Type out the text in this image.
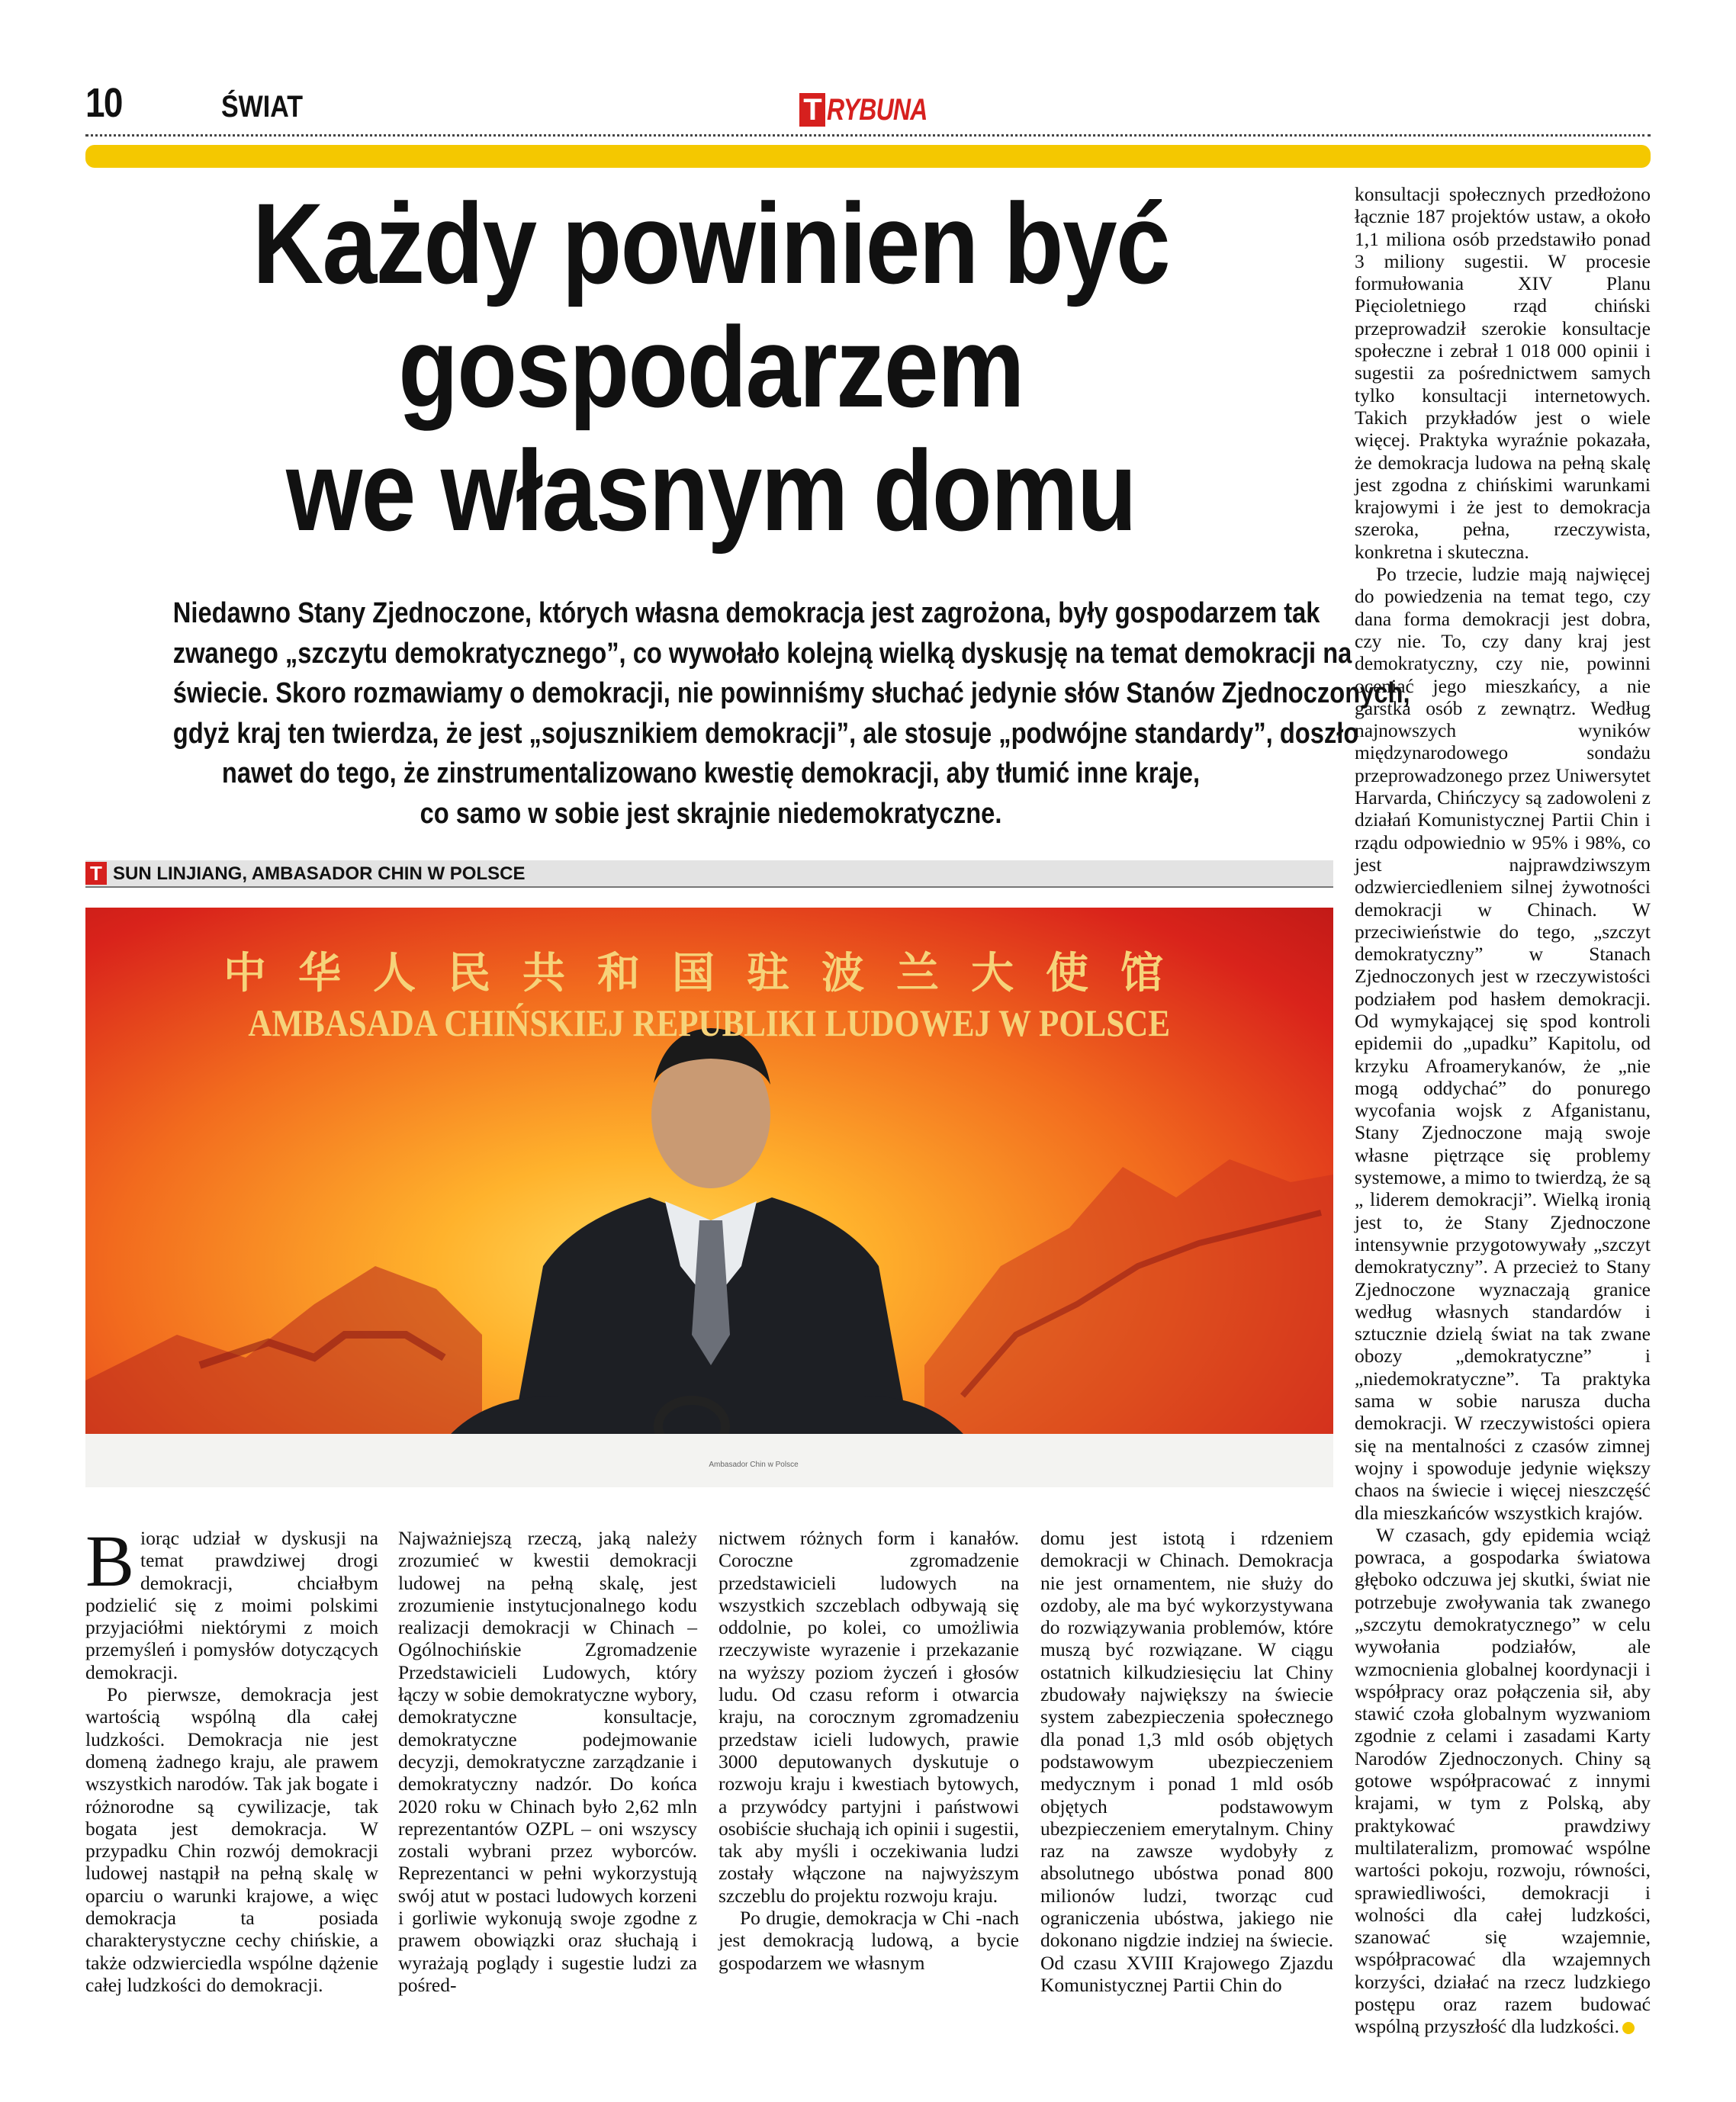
10	ŚWIAT	T RYBUNA
Każdy powinien być
gospodarzem
we własnym domu
Niedawno Stany Zjednoczone, których własna demokracja jest zagrożona, były gospodarzem tak
zwanego „szczytu demokratycznego”, co wywołało kolejną wielką dyskusję na temat demokracji na
świecie. Skoro rozmawiamy o demokracji, nie powinniśmy słuchać jedynie słów Stanów Zjednoczonych,
gdyż kraj ten twierdza, że jest „sojusznikiem demokracji”, ale stosuje „podwójne standardy”, doszło
nawet do tego, że zinstrumentalizowano kwestię demokracji, aby tłumić inne kraje,
co samo w sobie jest skrajnie niedemokratyczne.
T SUN LINJIANG, AMBASADOR CHIN W POLSCE
中华人民共和国驻波兰大使馆
AMBASADA CHIŃSKIEJ REPUBLIKI LUDOWEJ W POLSCE
Ambasador Chin w Polsce

Biorąc udział w dyskusji na temat prawdziwej drogi demokracji, chciałbym podzielić się z moimi polskimi przyjaciółmi niektórymi z moich przemyśleń i pomysłów dotyczących demokracji.

Po pierwsze, demokracja jest wartością wspólną dla całej ludzkości. Demokracja nie jest domeną żadnego kraju, ale prawem wszystkich narodów. Tak jak bogate i różnorodne są cywilizacje, tak bogata jest demokracja. W przypadku Chin rozwój demokracji ludowej nastąpił na pełną skalę w oparciu o warunki krajowe, a więc demokracja ta posiada charakterystyczne cechy chińskie, a także odzwierciedla wspólne dążenie całej ludzkości do demokracji.

Najważniejszą rzeczą, jaką należy zrozumieć w kwestii demokracji ludowej na pełną skalę, jest zrozumienie instytucjonalnego kodu realizacji demokracji w Chinach – Ogólnochińskie Zgromadzenie Przedstawicieli Ludowych, który łączy w sobie demokratyczne wybory, demokratyczne konsultacje, demokratyczne podejmowanie decyzji, demokratyczne zarządzanie i demokratyczny nadzór. Do końca 2020 roku w Chinach było 2,62 mln reprezentantów OZPL – oni wszyscy zostali wybrani przez wyborców. Reprezentanci w pełni wykorzystują swój atut w postaci ludowych korzeni i gorliwie wykonują swoje zgodne z prawem obowiązki oraz słuchają i wyrażają poglądy i sugestie ludzi za pośred-

nictwem różnych form i kanałów. Coroczne zgromadzenie przedstawicieli ludowych na wszystkich szczeblach odbywają się oddolnie, po kolei, co umożliwia rzeczywiste wyrazenie i przekazanie na wyższy poziom życzeń i głosów ludu. Od czasu reform i otwarcia kraju, na corocznym zgromadzeniu przedstaw icieli ludowych, prawie 3000 deputowanych dyskutuje o rozwoju kraju i kwestiach bytowych, a przywódcy partyjni i państwowi osobiście słuchają ich opinii i sugestii, tak aby myśli i oczekiwania ludzi zostały włączone na najwyższym szczeblu do projektu rozwoju kraju.

Po drugie, demokracja w Chi -nach jest demokracją ludową, a bycie gospodarzem we własnym

domu jest istotą i rdzeniem demokracji w Chinach. Demokracja nie jest ornamentem, nie służy do ozdoby, ale ma być wykorzystywana do rozwiązywania problemów, które muszą być rozwiązane. W ciągu ostatnich kilkudziesięciu lat Chiny zbudowały największy na świecie system zabezpieczenia społecznego dla ponad 1,3 mld osób objętych podstawowym ubezpieczeniem medycznym i ponad 1 mld osób objętych podstawowym ubezpieczeniem emerytalnym. Chiny raz na zawsze wydobyły z absolutnego ubóstwa ponad 800 milionów ludzi, tworząc cud ograniczenia ubóstwa, jakiego nie dokonano nigdzie indziej na świecie. Od czasu XVIII Krajowego Zjazdu Komunistycznej Partii Chin do

konsultacji społecznych przedłożono łącznie 187 projektów ustaw, a około 1,1 miliona osób przedstawiło ponad 3 miliony sugestii. W procesie formułowania XIV Planu Pięcioletniego rząd chiński przeprowadził szerokie konsultacje społeczne i zebrał 1 018 000 opinii i sugestii za pośrednictwem samych tylko konsultacji internetowych. Takich przykładów jest o wiele więcej. Praktyka wyraźnie pokazała, że demokracja ludowa na pełną skalę jest zgodna z chińskimi warunkami krajowymi i że jest to demokracja szeroka, pełna, rzeczywista, konkretna i skuteczna.

Po trzecie, ludzie mają najwięcej do powiedzenia na temat tego, czy dana forma demokracji jest dobra, czy nie. To, czy dany kraj jest demokratyczny, czy nie, powinni oceniać jego mieszkańcy, a nie garstka osób z zewnątrz. Według najnowszych wyników międzynarodowego sondażu przeprowadzonego przez Uniwersytet Harvarda, Chińczycy są zadowoleni z działań Komunistycznej Partii Chin i rządu odpowiednio w 95% i 98%, co jest najprawdziwszym odzwierciedleniem silnej żywotności demokracji w Chinach. W przeciwieństwie do tego, „szczyt demokratyczny” w Stanach Zjednoczonych jest w rzeczywistości podziałem pod hasłem demokracji. Od wymykającej się spod kontroli epidemii do „upadku” Kapitolu, od krzyku Afroamerykanów, że „nie mogą oddychać” do ponurego wycofania wojsk z Afganistanu, Stany Zjednoczone mają swoje własne piętrzące się problemy systemowe, a mimo to twierdzą, że są „ liderem demokracji”. Wielką ironią jest to, że Stany Zjednoczone intensywnie przygotowywały „szczyt demokratyczny”. A przecież to Stany Zjednoczone wyznaczają granice według własnych standardów i sztucznie dzielą świat na tak zwane obozy „demokratyczne” i „niedemokratyczne”. Ta praktyka sama w sobie narusza ducha demokracji. W rzeczywistości opiera się na mentalności z czasów zimnej wojny i spowoduje jedynie większy chaos na świecie i więcej nieszczęść dla mieszkańców wszystkich krajów.

W czasach, gdy epidemia wciąż powraca, a gospodarka światowa głęboko odczuwa jej skutki, świat nie potrzebuje zwoływania tak zwanego „szczytu demokratycznego” w celu wywołania podziałów, ale wzmocnienia globalnej koordynacji i współpracy oraz połączenia sił, aby stawić czoła globalnym wyzwaniom zgodnie z celami i zasadami Karty Narodów Zjednoczonych. Chiny są gotowe współpracować z innymi krajami, w tym z Polską, aby praktykować prawdziwy multilateralizm, promować wspólne wartości pokoju, rozwoju, równości, sprawiedliwości, demokracji i wolności dla całej ludzkości, szanować się wzajemnie, współpracować dla wzajemnych korzyści, działać na rzecz ludzkiego postępu oraz razem budować wspólną przyszłość dla ludzkości.
